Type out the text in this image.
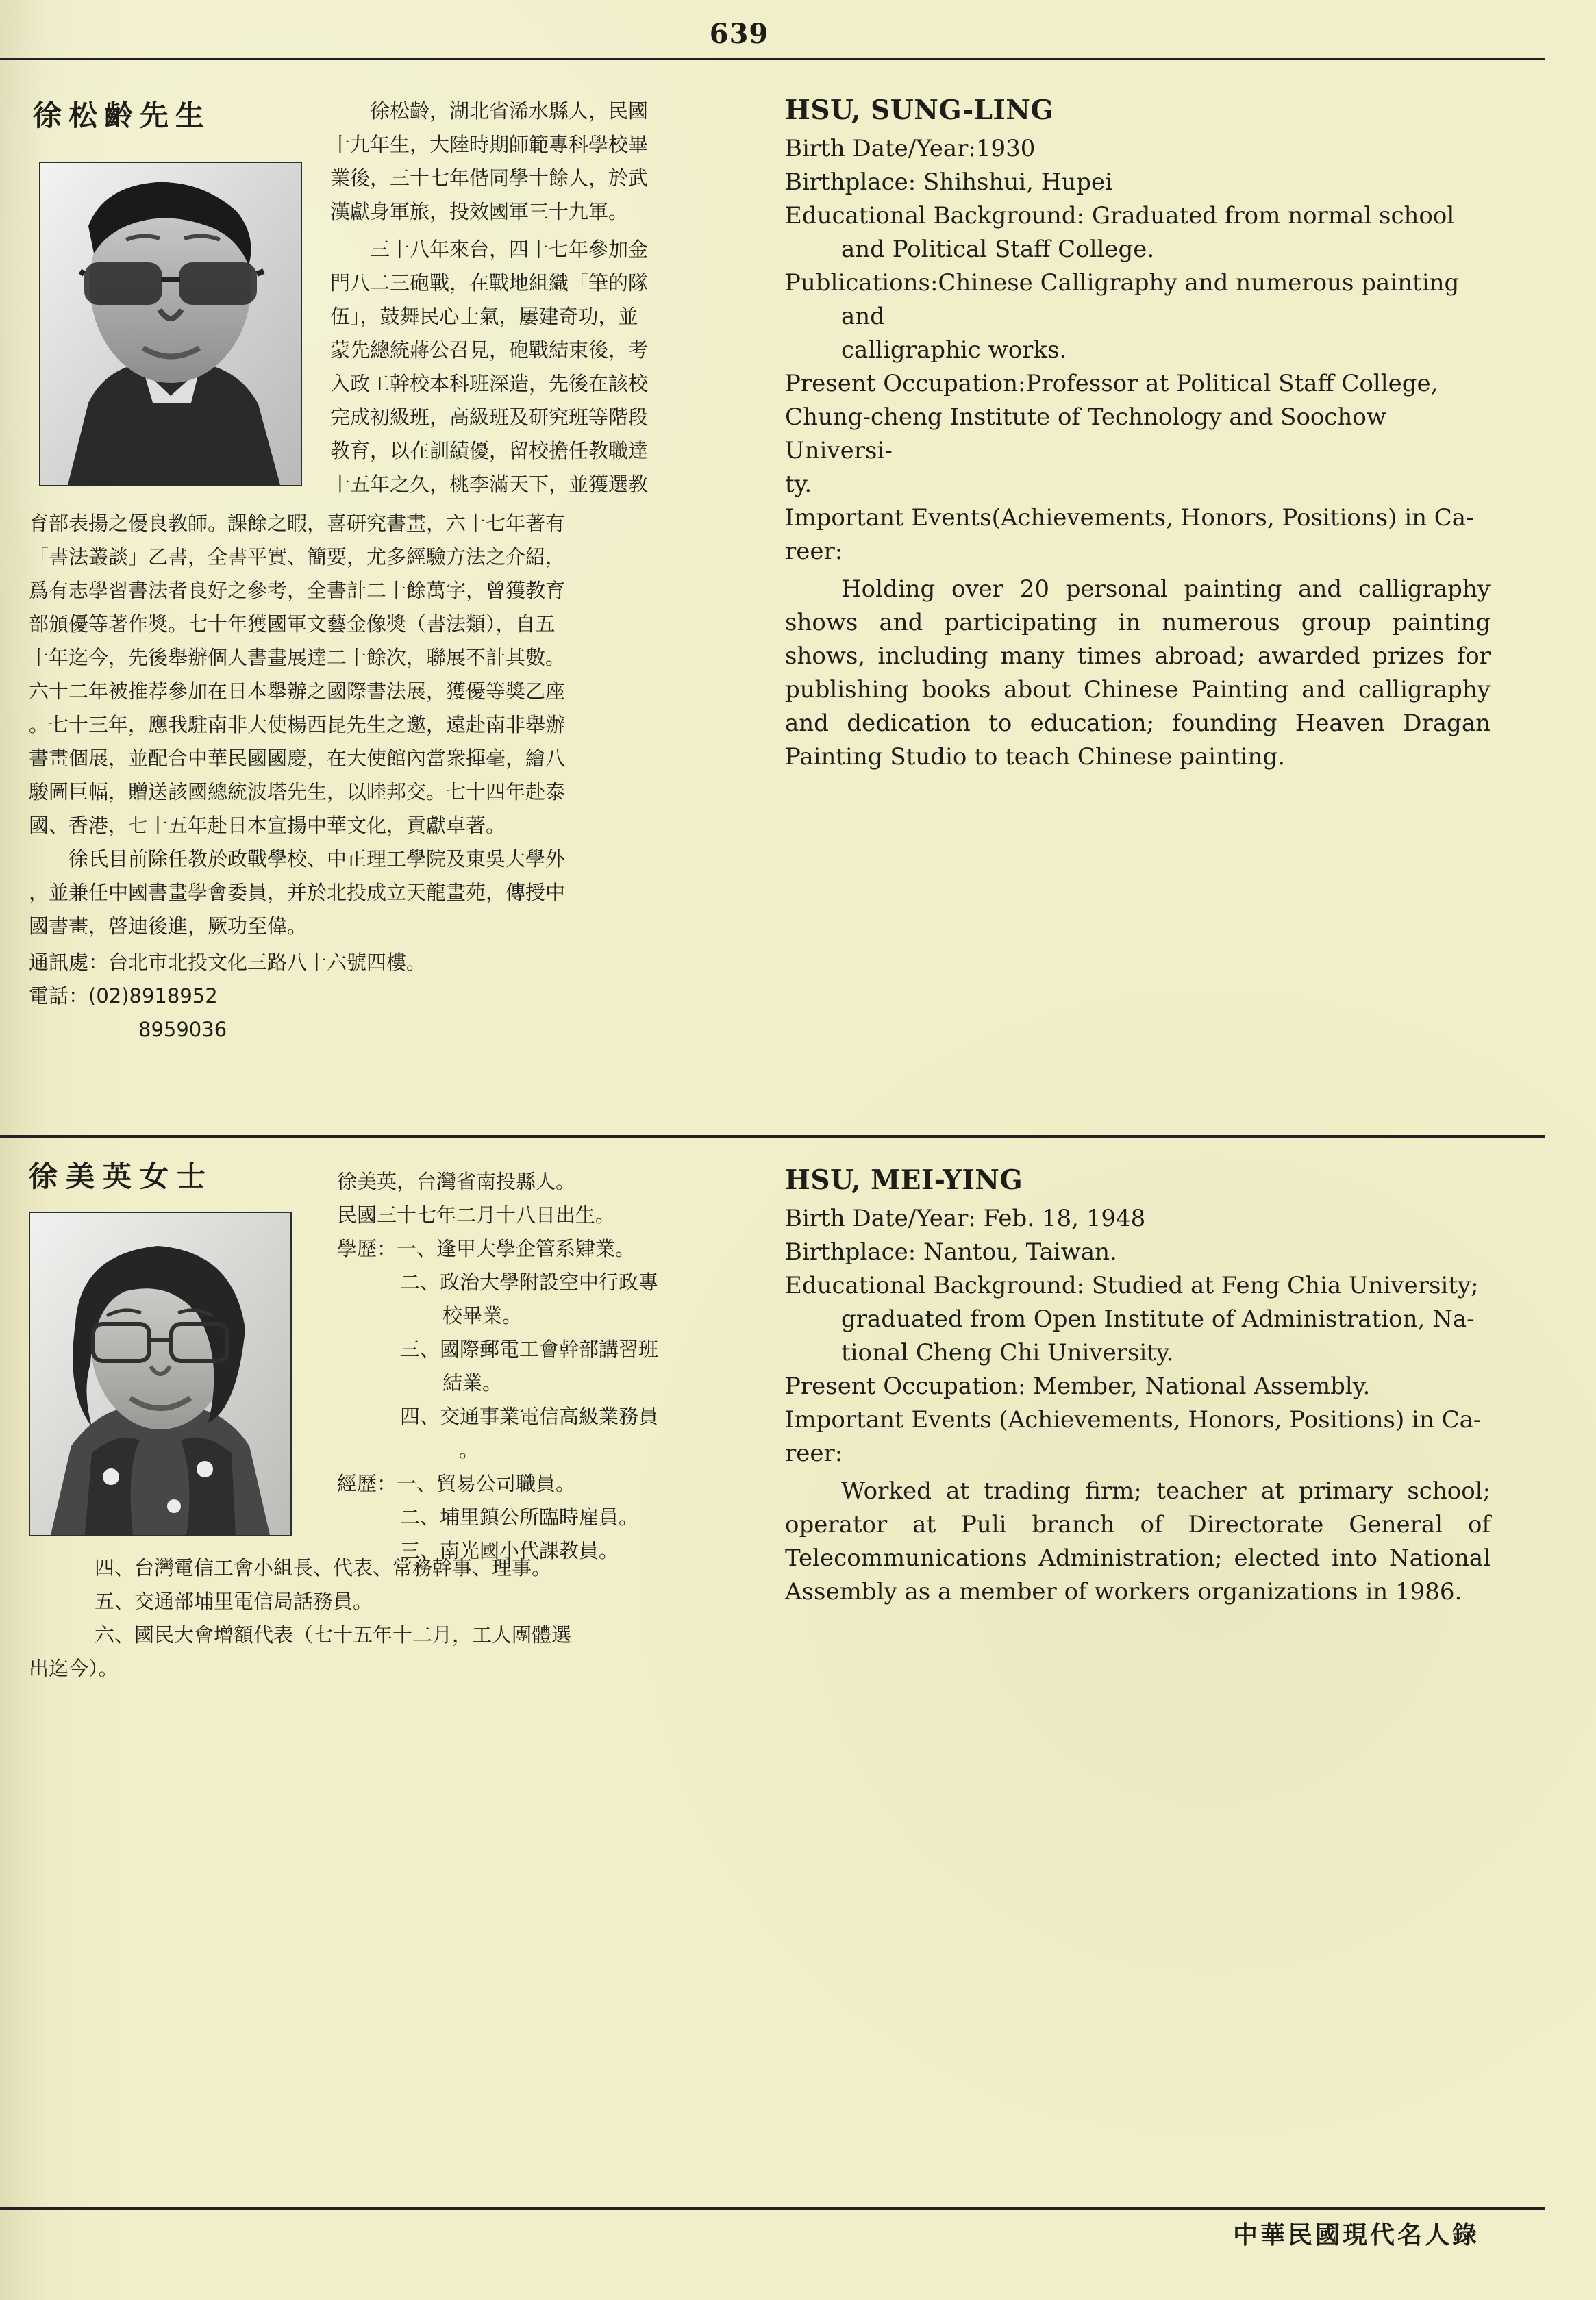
639
徐松齡先生	徐松齡，湖北省浠水縣人，民國
十九年生，大陸時期師範專科學校畢
業後，三十七年偕同學十餘人，於武
漢獻身軍旅，投效國軍三十九軍。

三十八年來台，四十七年參加金
門八二三砲戰，在戰地組織「筆的隊
伍」，鼓舞民心士氣，屢建奇功，並
蒙先總統蔣公召見，砲戰結束後，考
入政工幹校本科班深造，先後在該校
完成初級班，高級班及研究班等階段
教育，以在訓績優，留校擔任教職達
十五年之久，桃李滿天下，並獲選教

育部表揚之優良教師。課餘之暇，喜研究書畫，六十七年著有
「書法叢談」乙書，全書平實、簡要，尤多經驗方法之介紹，
爲有志學習書法者良好之參考，全書計二十餘萬字，曾獲教育
部頒優等著作獎。七十年獲國軍文藝金像獎（書法類），自五
十年迄今，先後舉辦個人書畫展達二十餘次，聯展不計其數。
六十二年被推荐參加在日本舉辦之國際書法展，獲優等獎乙座
。七十三年，應我駐南非大使楊西昆先生之邀，遠赴南非舉辦
書畫個展，並配合中華民國國慶，在大使館內當衆揮毫，繪八
駿圖巨幅，贈送該國總統波塔先生，以睦邦交。七十四年赴泰
國、香港，七十五年赴日本宣揚中華文化，貢獻卓著。
徐氏目前除任教於政戰學校、中正理工學院及東吳大學外
，並兼任中國書畫學會委員，并於北投成立天龍畫苑，傳授中
國書畫，啓迪後進，厥功至偉。
通訊處：台北市北投文化三路八十六號四樓。
電話：(02)8918952
8959036
HSU, SUNG-LING

Birth Date/Year:1930

Birthplace: Shihshui, Hupei

Educational Background: Graduated from normal school
and Political Staff College.

Publications:Chinese Calligraphy and numerous painting and
calligraphic works.

Present Occupation:Professor at Political Staff College,
Chung-cheng Institute of Technology and Soochow Universi-
ty.

Important Events(Achievements, Honors, Positions) in Ca-
reer:

Holding over 20 personal painting and calligraphy shows and participating in numerous group painting shows, including many times abroad; awarded prizes for publishing books about Chinese Painting and calligraphy and dedication to education; founding Heaven Dragan Painting Studio to teach Chinese painting.

徐美英女士	徐美英，台灣省南投縣人。
民國三十七年二月十八日出生。
學歷：一、逢甲大學企管系肄業。
二、政治大學附設空中行政專
校畢業。
三、國際郵電工會幹部講習班
結業。
四、交通事業電信高級業務員
。
經歷：一、貿易公司職員。
二、埔里鎮公所臨時雇員。
三、南光國小代課教員。
四、台灣電信工會小組長、代表、常務幹事、理事。
五、交通部埔里電信局話務員。
六、國民大會增額代表（七十五年十二月，工人團體選
出迄今）。
HSU, MEI-YING

Birth Date/Year: Feb. 18, 1948

Birthplace: Nantou, Taiwan.

Educational Background: Studied at Feng Chia University;
graduated from Open Institute of Administration, Na-
tional Cheng Chi University.

Present Occupation: Member, National Assembly.

Important Events (Achievements, Honors, Positions) in Ca-
reer:

Worked at trading firm; teacher at primary school; operator at Puli branch of Directorate General of Telecommunications Administration; elected into National Assembly as a member of workers organizations in 1986.

中華民國現代名人錄
